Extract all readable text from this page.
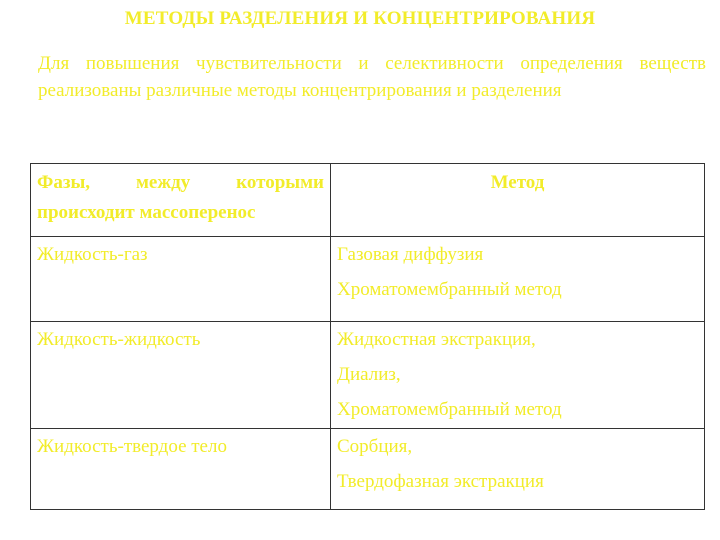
МЕТОДЫ РАЗДЕЛЕНИЯ И КОНЦЕНТРИРОВАНИЯ
Для повышения чувствительности и селективности определения веществ реализованы различные методы концентрирования и разделения
Фазы, между которыми происходит массоперенос	Метод
Жидкость-газ	Газовая диффузия
Хроматомембранный метод

Жидкость-жидкость	Жидкостная экстракция,
Диализ,
Хроматомембранный метод

Жидкость-твердое тело	Сорбция,
Твердофазная экстракция
